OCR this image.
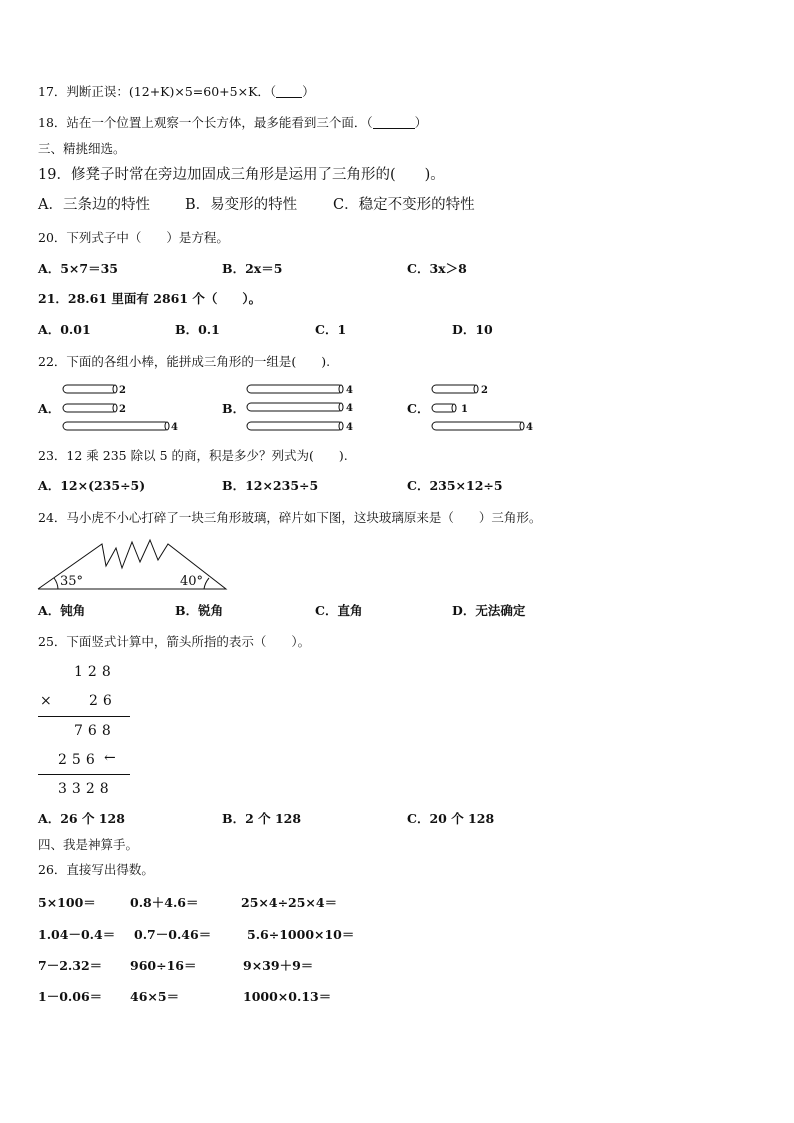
17．判断正误：(12+K)×5=60+5×K．（ ）
18．站在一个位置上观察一个长方体，最多能看到三个面．（	）
三、精挑细选。
19．修凳子时常在旁边加固成三角形是运用了三角形的(　　)。
A．三条边的特性 B．易变形的特性 C．稳定不变形的特性
20．下列式子中（　　）是方程。
A．5×7＝35	B．2x＝5	C．3x＞8
21．28.61 里面有 2861 个（　　）。
A．0.01	B．0.1	C．1	D．10
22．下面的各组小棒，能拼成三角形的一组是(　　).
A．	B．	C．
2
2
4
4
4
4
2
1
4
23．12 乘 235 除以 5 的商，积是多少？列式为(　　).
A．12×(235÷5)	B．12×235÷5	C．235×12÷5
24．马小虎不小心打碎了一块三角形玻璃，碎片如下图，这块玻璃原来是（　　）三角形。
35°	40°
A．钝角	B．锐角	C．直角	D．无法确定
25．下面竖式计算中，箭头所指的表示（　　）。
128
× 26
768
256 ←
3328
A．26 个 128	B．2 个 128	C．20 个 128
四、我是神算手。
26．直接写出得数。
5×100＝	0.8＋4.6＝	25×4÷25×4＝
1.04－0.4＝ 0.7－0.46＝	5.6÷1000×10＝
7－2.32＝ 960÷16＝	9×39＋9＝
1－0.06＝ 46×5＝	1000×0.13＝
